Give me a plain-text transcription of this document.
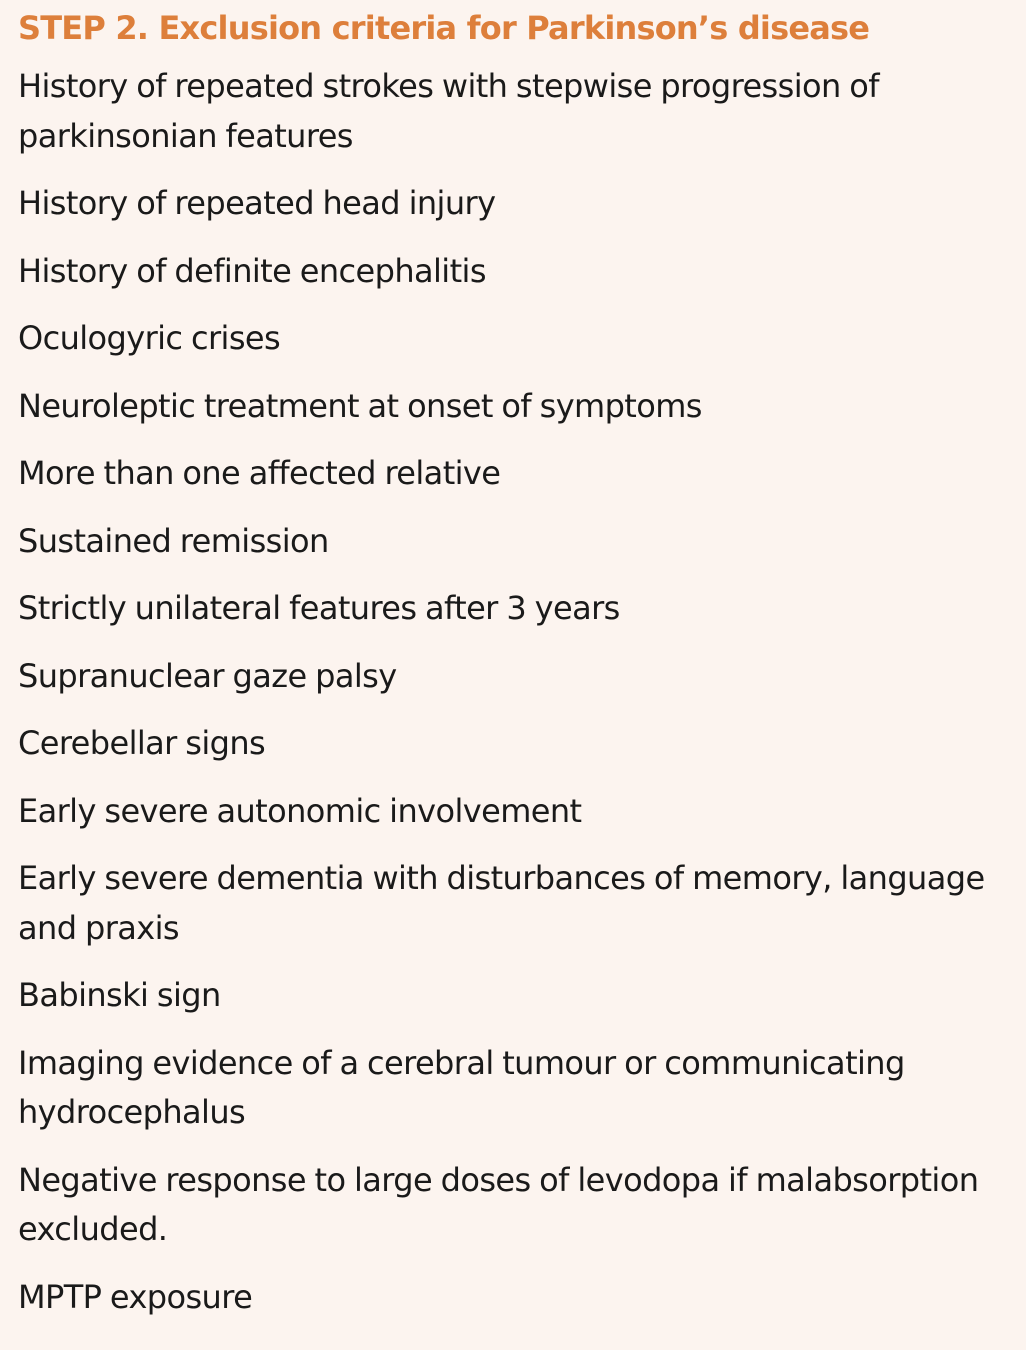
STEP 2. Exclusion criteria for Parkinson’s disease
History of repeated strokes with stepwise progression of parkinsonian features
History of repeated head injury
History of definite encephalitis
Oculogyric crises
Neuroleptic treatment at onset of symptoms
More than one affected relative
Sustained remission
Strictly unilateral features after 3 years
Supranuclear gaze palsy
Cerebellar signs
Early severe autonomic involvement
Early severe dementia with disturbances of memory, language and praxis
Babinski sign
Imaging evidence of a cerebral tumour or communicating hydrocephalus
Negative response to large doses of levodopa if malabsorption excluded.
MPTP exposure
